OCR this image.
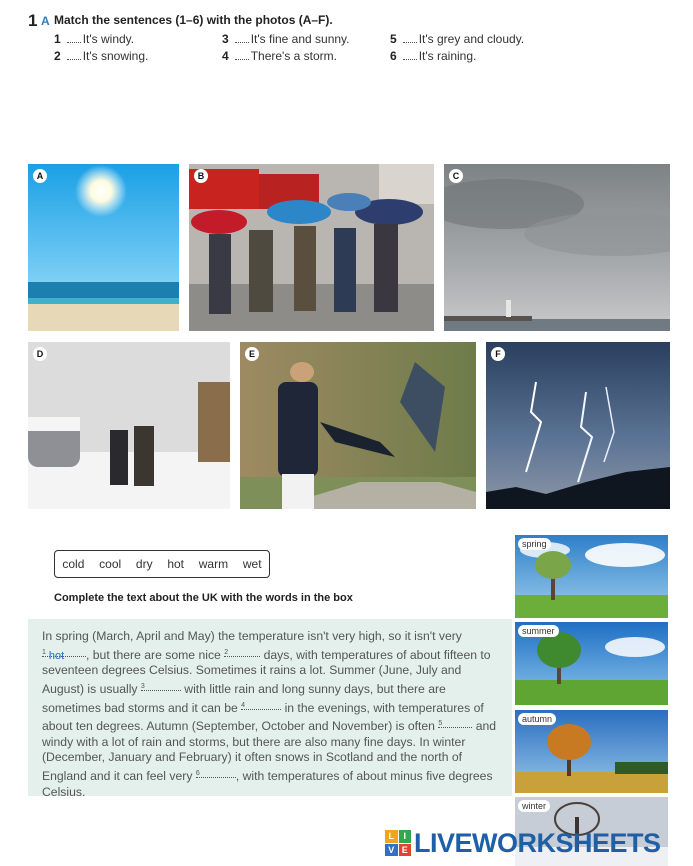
1 A Match the sentences (1–6) with the photos (A–F).
1 It's windy.
2 It's snowing.
3 It's fine and sunny.
4 There's a storm.
5 It's grey and cloudy.
6 It's raining.
A	B	C
D	E	F
cold cool dry hot warm wet
Complete the text about the UK with the words in the box
In spring (March, April and May) the temperature isn't very high, so it isn't very $^1$ hot , but there are some nice $^2$	days, with temperatures of about fifteen to seventeen degrees Celsius. Sometimes it rains a lot. Summer (June, July and August) is usually $^3$	with little rain and long sunny days, but there are sometimes bad storms and it can be $^4$	in the evenings, with temperatures of about ten degrees. Autumn (September, October and November) is often $^5$	and windy with a lot of rain and storms, but there are also many fine days. In winter (December, January and February) it often snows in Scotland and the north of England and it can feel very $^6$	, with temperatures of about minus five degrees Celsius.
spring
summer
autumn
winter
L	I
V E LIVEWORKSHEETS
